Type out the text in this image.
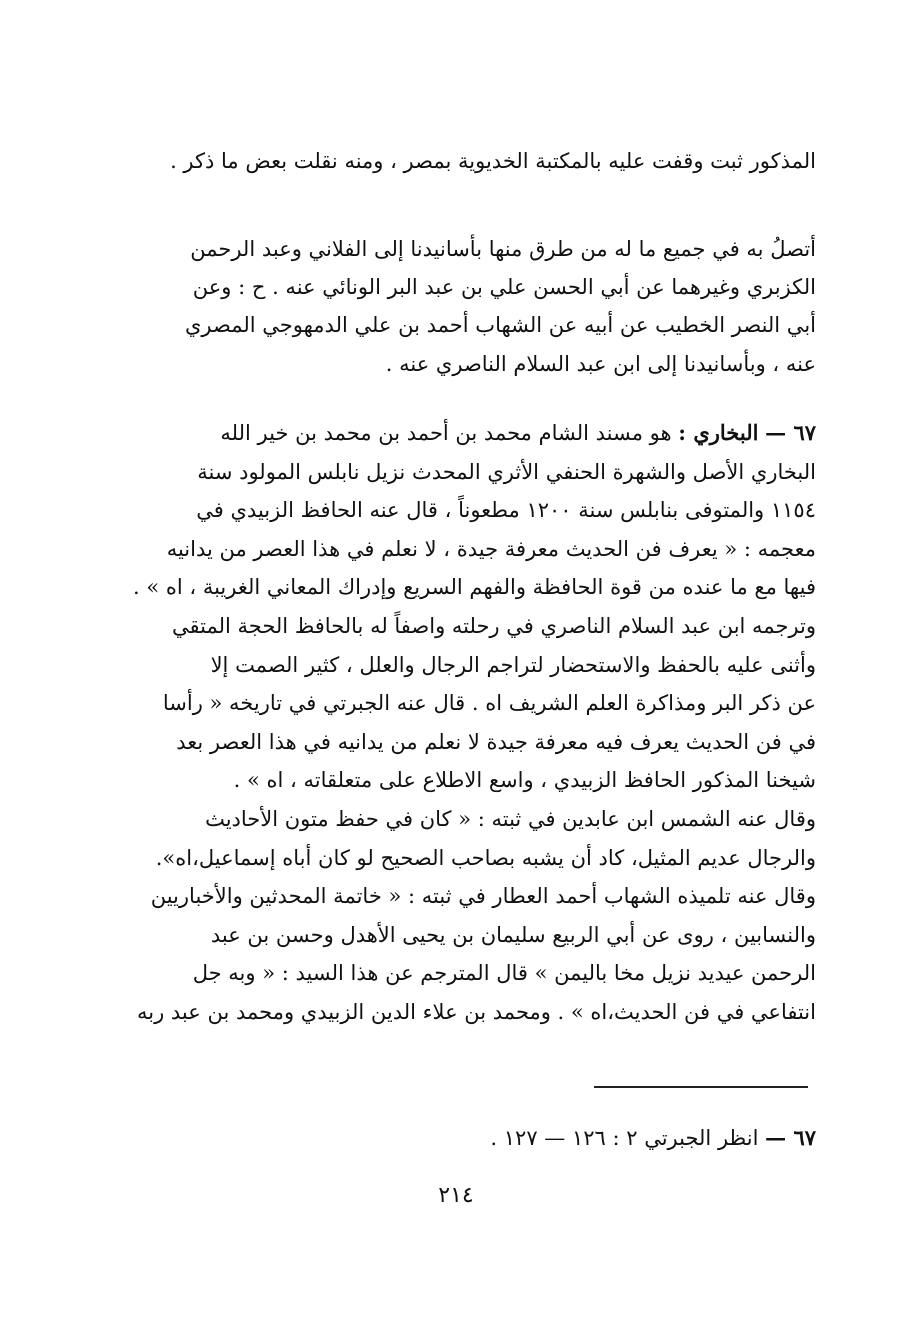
المذكور ثبت وقفت عليه بالمكتبة الخديوية بمصر ، ومنه نقلت بعض ما ذكر .
أتصلُ به في جميع ما له من طرق منها بأسانيدنا إلى الفلاني وعبد الرحمن
الكزبري وغيرهما عن أبي الحسن علي بن عبد البر الونائي عنه . ح : وعن
أبي النصر الخطيب عن أبيه عن الشهاب أحمد بن علي الدمهوجي المصري
عنه ، وبأسانيدنا إلى ابن عبد السلام الناصري عنه .
٦٧ — البخاري : هو مسند الشام محمد بن أحمد بن محمد بن خير الله
البخاري الأصل والشهرة الحنفي الأثري المحدث نزيل نابلس المولود سنة
١١٥٤ والمتوفى بنابلس سنة ١٢٠٠ مطعوناً ، قال عنه الحافظ الزبيدي في
معجمه : « يعرف فن الحديث معرفة جيدة ، لا نعلم في هذا العصر من يدانيه
فيها مع ما عنده من قوة الحافظة والفهم السريع وإدراك المعاني الغريبة ، اه » .
وترجمه ابن عبد السلام الناصري في رحلته واصفاً له بالحافظ الحجة المتقي
وأثنى عليه بالحفظ والاستحضار لتراجم الرجال والعلل ، كثير الصمت إلا
عن ذكر البر ومذاكرة العلم الشريف اه . قال عنه الجبرتي في تاريخه « رأسا
في فن الحديث يعرف فيه معرفة جيدة لا نعلم من يدانيه في هذا العصر بعد
شيخنا المذكور الحافظ الزبيدي ، واسع الاطلاع على متعلقاته ، اه » .
وقال عنه الشمس ابن عابدين في ثبته : « كان في حفظ متون الأحاديث
والرجال عديم المثيل، كاد أن يشبه بصاحب الصحيح لو كان أباه إسماعيل،اه».
وقال عنه تلميذه الشهاب أحمد العطار في ثبته : « خاتمة المحدثين والأخباريين
والنسابين ، روى عن أبي الربيع سليمان بن يحيى الأهدل وحسن بن عبد
الرحمن عيديد نزيل مخا باليمن » قال المترجم عن هذا السيد : « وبه جل
انتفاعي في فن الحديث،اه » . ومحمد بن علاء الدين الزبيدي ومحمد بن عبد ربه
٦٧ — انظر الجبرتي ٢ : ١٢٦ — ١٢٧ .
٢١٤
